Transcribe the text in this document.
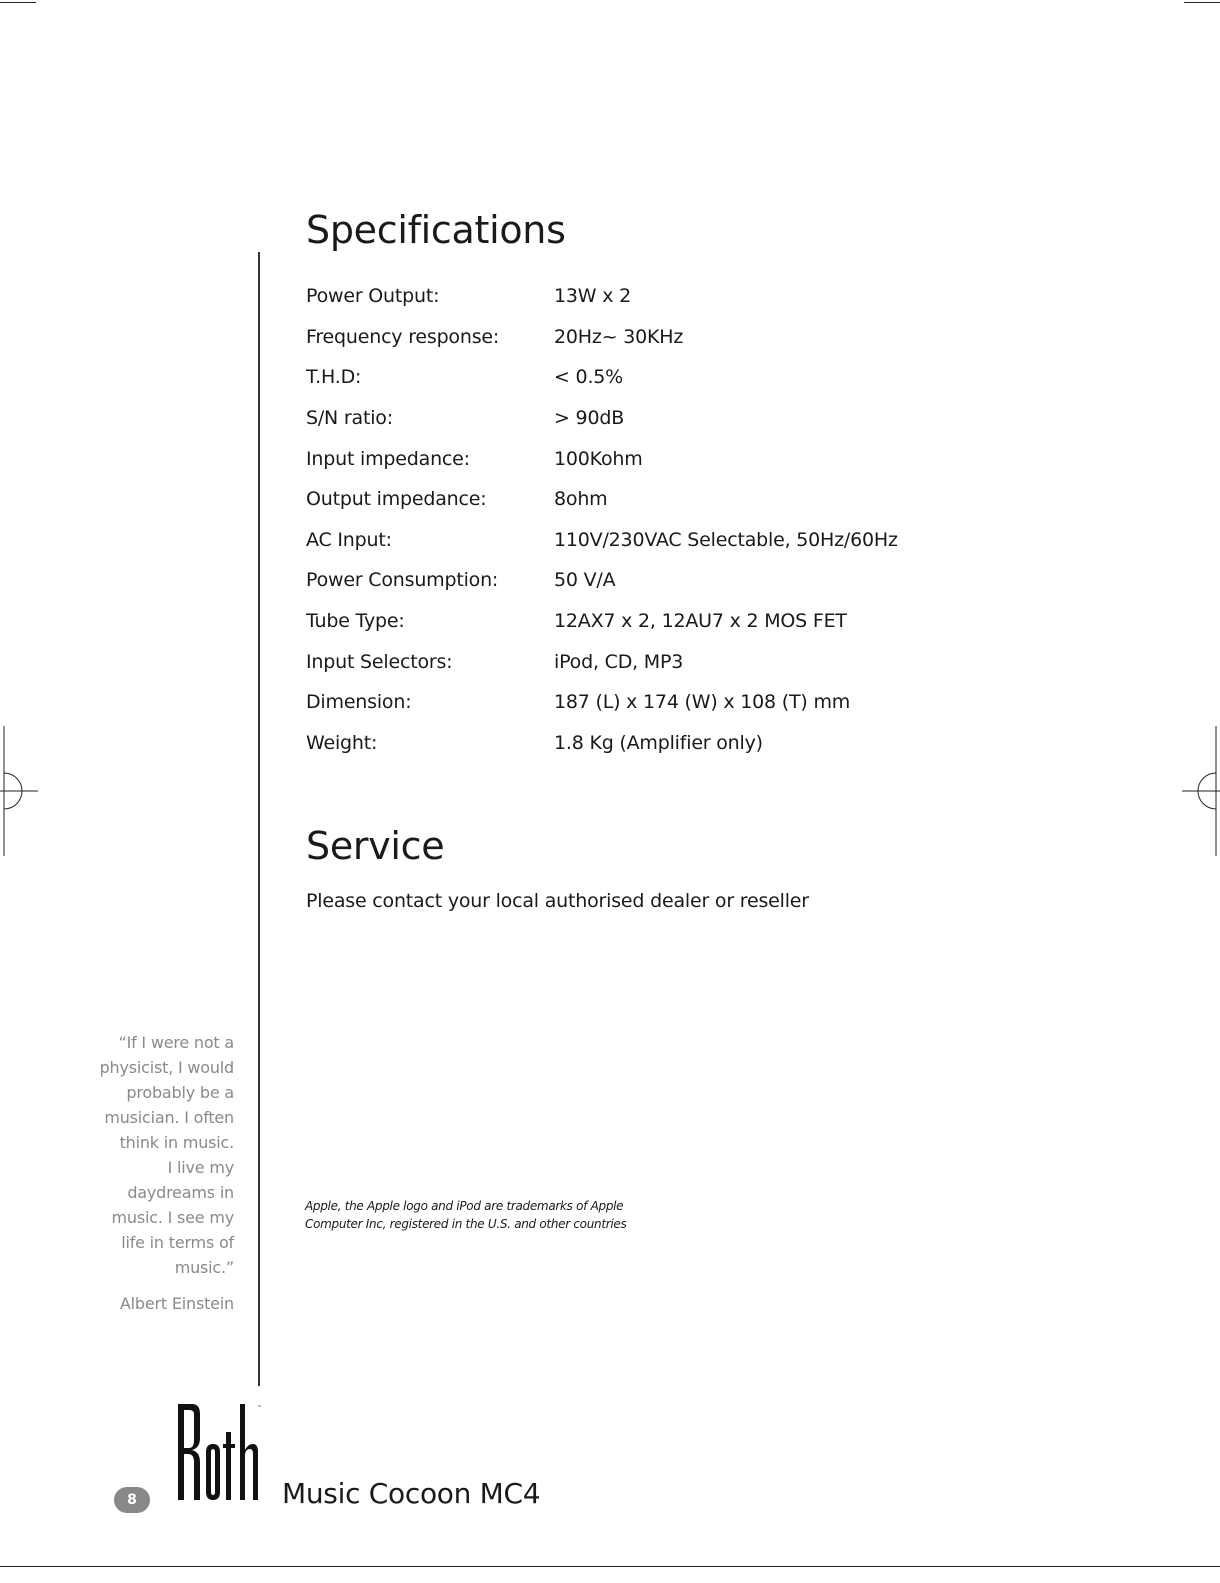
Specifications
Power Output:	13W x 2
Frequency response:	20Hz~ 30KHz
T.H.D:	< 0.5%
S/N ratio:	> 90dB
Input impedance:	100Kohm
Output impedance:	8ohm
AC Input:	110V/230VAC Selectable, 50Hz/60Hz
Power Consumption:	50 V/A
Tube Type:	12AX7 x 2, 12AU7 x 2 MOS FET
Input Selectors:	iPod, CD, MP3
Dimension:	187 (L) x 174 (W) x 108 (T) mm
Weight:	1.8 Kg (Amplifier only)
Service
Please contact your local authorised dealer or reseller
Apple, the Apple logo and iPod are trademarks of Apple
Computer Inc, registered in the U.S. and other countries

“If I were not a

physicist, I would

probably be a

musician. I often

think in music.

I live my

daydreams in

music. I see my

life in terms of

music.”

Albert Einstein

8
™
Music Cocoon MC4
